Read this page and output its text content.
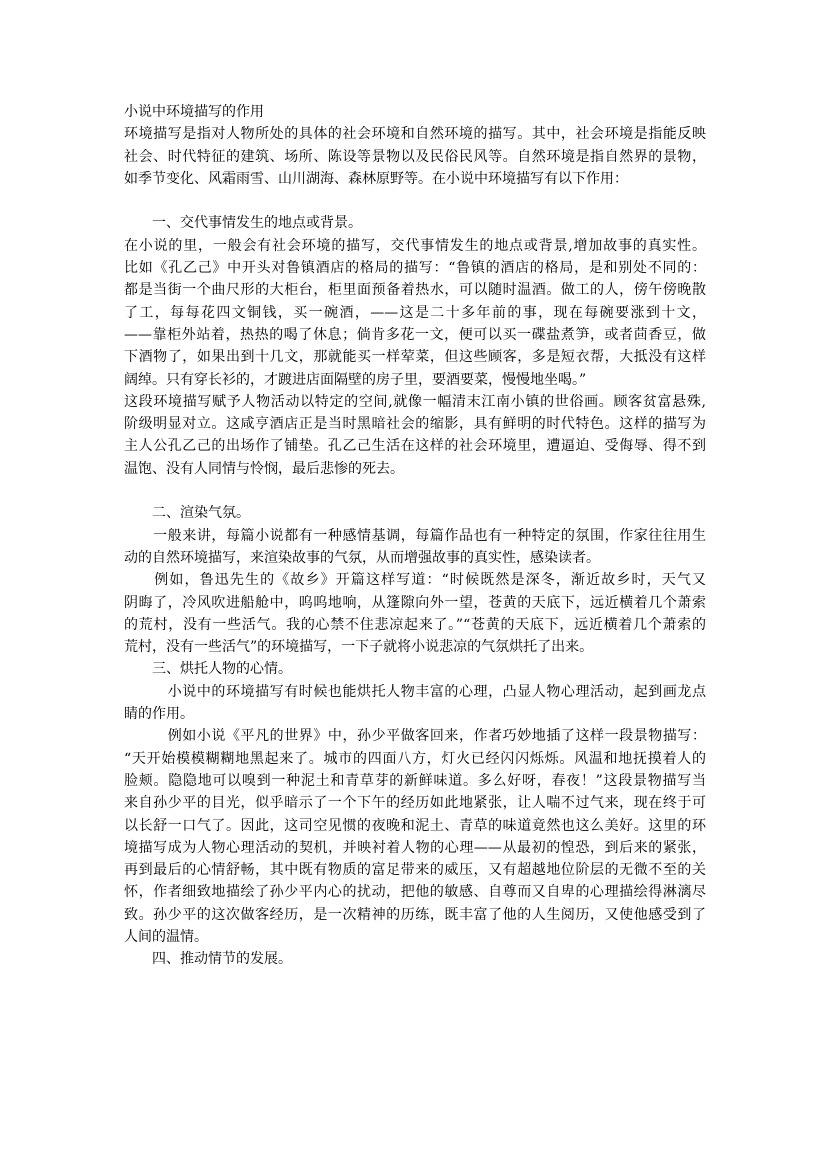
小说中环境描写的作用
环境描写是指对人物所处的具体的社会环境和自然环境的描写。其中，社会环境是指能反映
社会、时代特征的建筑、场所、陈设等景物以及民俗民风等。自然环境是指自然界的景物，
如季节变化、风霜雨雪、山川湖海、森林原野等。在小说中环境描写有以下作用：
一、交代事情发生的地点或背景。
在小说的里，一般会有社会环境的描写，交代事情发生的地点或背景,增加故事的真实性。
比如《孔乙己》中开头对鲁镇酒店的格局的描写：“鲁镇的酒店的格局，是和别处不同的：
都是当街一个曲尺形的大柜台，柜里面预备着热水，可以随时温酒。做工的人，傍午傍晚散
了工，每每花四文铜钱，买一碗酒，——这是二十多年前的事，现在每碗要涨到十文，
——靠柜外站着，热热的喝了休息；倘肯多花一文，便可以买一碟盐煮笋，或者茴香豆，做
下酒物了，如果出到十几文，那就能买一样荤菜，但这些顾客，多是短衣帮，大抵没有这样
阔绰。只有穿长衫的，才踱进店面隔壁的房子里，要酒要菜，慢慢地坐喝。”
这段环境描写赋予人物活动以特定的空间,就像一幅清末江南小镇的世俗画。顾客贫富悬殊,
阶级明显对立。这咸亨酒店正是当时黑暗社会的缩影，具有鲜明的时代特色。这样的描写为
主人公孔乙己的出场作了铺垫。孔乙己生活在这样的社会环境里，遭逼迫、受侮辱、得不到
温饱、没有人同情与怜悯，最后悲惨的死去。
二、渲染气氛。
　　一般来讲，每篇小说都有一种感情基调，每篇作品也有一种特定的氛围，作家往往用生
动的自然环境描写，来渲染故事的气氛，从而增强故事的真实性，感染读者。
　　例如，鲁迅先生的《故乡》开篇这样写道：“时候既然是深冬，渐近故乡时，天气又
阴晦了，冷风吹进船舱中，呜呜地响，从篷隙向外一望，苍黄的天底下，远近横着几个萧索
的荒村，没有一些活气。我的心禁不住悲凉起来了。”“苍黄的天底下，远近横着几个萧索的
荒村，没有一些活气”的环境描写，一下子就将小说悲凉的气氛烘托了出来。
三、烘托人物的心情。
　　　小说中的环境描写有时候也能烘托人物丰富的心理，凸显人物心理活动，起到画龙点
睛的作用。
　　　例如小说《平凡的世界》中，孙少平做客回来，作者巧妙地插了这样一段景物描写：
“天开始模模糊糊地黑起来了。城市的四面八方，灯火已经闪闪烁烁。风温和地抚摸着人的
脸颊。隐隐地可以嗅到一种泥土和青草芽的新鲜味道。多么好呀，春夜！”这段景物描写当
来自孙少平的目光，似乎暗示了一个下午的经历如此地紧张，让人喘不过气来，现在终于可
以长舒一口气了。因此，这司空见惯的夜晚和泥土、青草的味道竟然也这么美好。这里的环
境描写成为人物心理活动的契机，并映衬着人物的心理——从最初的惶恐，到后来的紧张，
再到最后的心情舒畅，其中既有物质的富足带来的威压，又有超越地位阶层的无微不至的关
怀，作者细致地描绘了孙少平内心的扰动，把他的敏感、自尊而又自卑的心理描绘得淋漓尽
致。孙少平的这次做客经历，是一次精神的历练，既丰富了他的人生阅历，又使他感受到了
人间的温情。
四、推动情节的发展。
